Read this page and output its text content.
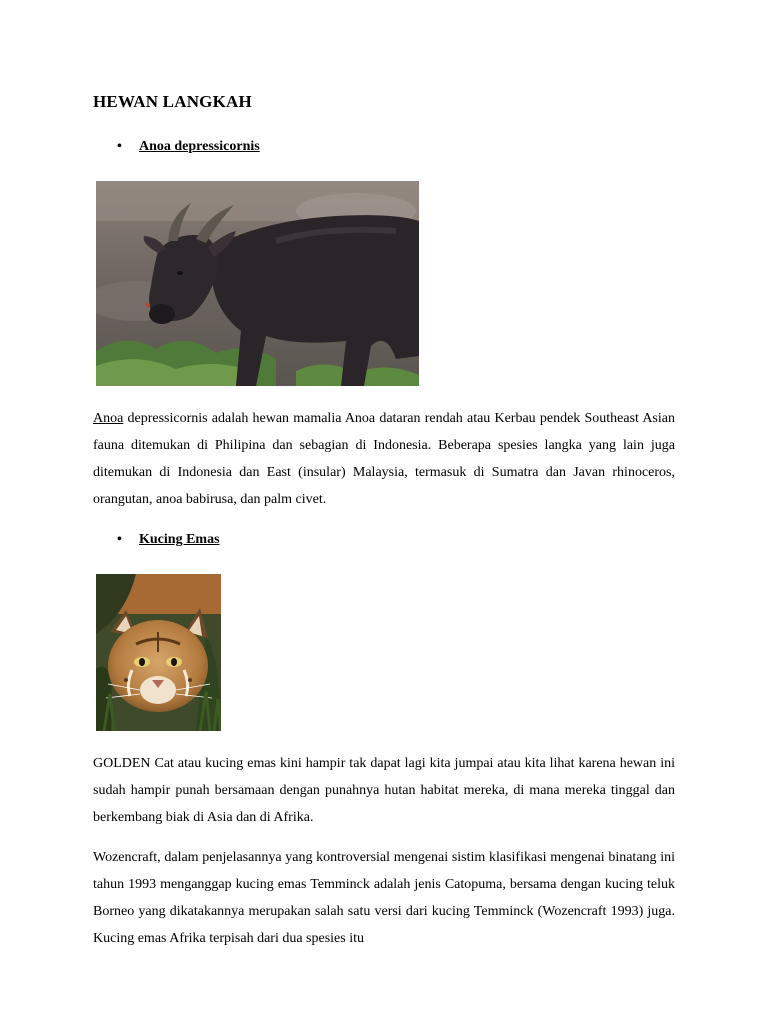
HEWAN LANGKAH
• Anoa depressicornis

Anoa depressicornis adalah hewan mamalia Anoa dataran rendah atau Kerbau pendek Southeast Asian fauna ditemukan di Philipina dan sebagian di Indonesia. Beberapa spesies langka yang lain juga ditemukan di Indonesia dan East (insular) Malaysia, termasuk di Sumatra dan Javan rhinoceros, orangutan, anoa babirusa, dan palm civet.

• Kucing Emas

GOLDEN Cat atau kucing emas kini hampir tak dapat lagi kita jumpai atau kita lihat karena hewan ini sudah hampir punah bersamaan dengan punahnya hutan habitat mereka, di mana mereka tinggal dan berkembang biak di Asia dan di Afrika.

Wozencraft, dalam penjelasannya yang kontroversial mengenai sistim klasifikasi mengenai binatang ini tahun 1993 menganggap kucing emas Temminck adalah jenis Catopuma, bersama dengan kucing teluk Borneo yang dikatakannya merupakan salah satu versi dari kucing Temminck (Wozencraft 1993) juga. Kucing emas Afrika terpisah dari dua spesies itu
